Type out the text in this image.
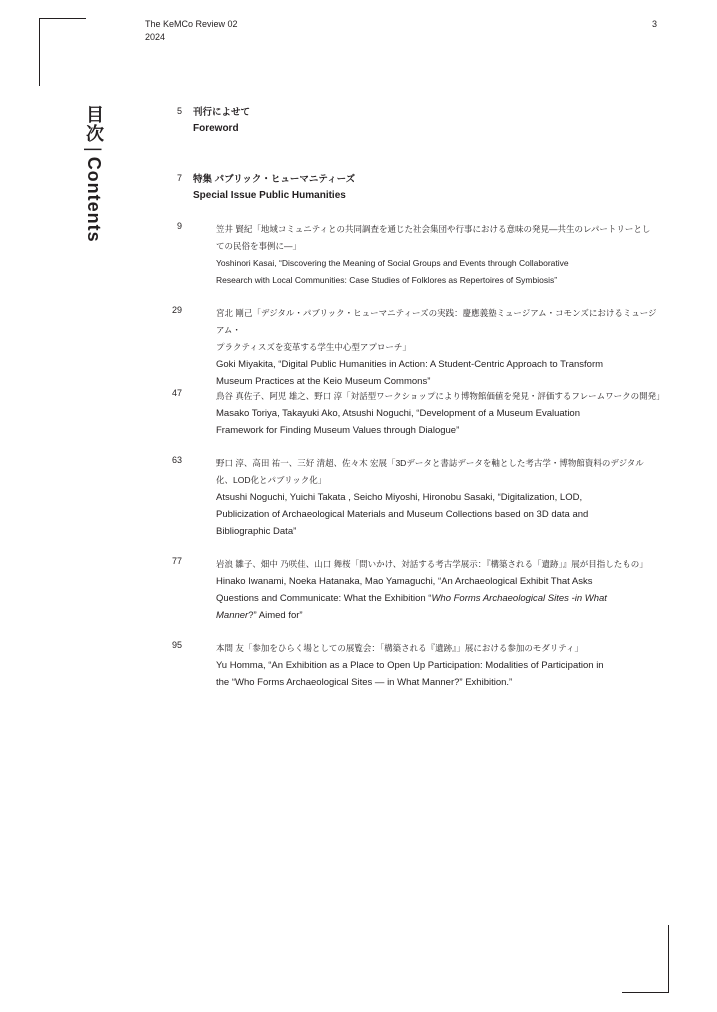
The KeMCo Review 02
2024
3
目次|Contents
5 刊行によせて
Foreword
7 特集 パブリック・ヒューマニティーズ
Special Issue Public Humanities
9	笠井 賢紀「地域コミュニティとの共同調査を通じた社会集団や行事における意味の発見—共生のレパートリーとし
ての民俗を事例に—」
Yoshinori Kasai, “Discovering the Meaning of Social Groups and Events through Collaborative
Research with Local Communities: Case Studies of Folklores as Repertoires of Symbiosis”
29	宮北 剛己「デジタル・パブリック・ヒューマニティーズの実践：慶應義塾ミュージアム・コモンズにおけるミュージアム・
プラクティスズを変革する学生中心型アプローチ」
Goki Miyakita, “Digital Public Humanities in Action: A Student-Centric Approach to Transform
Museum Practices at the Keio Museum Commons”
47	鳥谷 真佐子、阿児 雄之、野口 淳「対話型ワークショップにより博物館価値を発見・評価するフレームワークの開発」
Masako Toriya, Takayuki Ako, Atsushi Noguchi, “Development of a Museum Evaluation
Framework for Finding Museum Values through Dialogue”
63	野口 淳、高田 祐一、三好 清超、佐々木 宏展「3Dデータと書誌データを軸とした考古学・博物館資料のデジタル
化、LOD化とパブリック化」
Atsushi Noguchi, Yuichi Takata , Seicho Miyoshi, Hironobu Sasaki, “Digitalization, LOD,
Publicization of Archaeological Materials and Museum Collections based on 3D data and
Bibliographic Data”
77	岩浪 雛子、畑中 乃咲佳、山口 舞桜「問いかけ、対話する考古学展示：『構築される「遺跡」』展が目指したもの」
Hinako Iwanami, Noeka Hatanaka, Mao Yamaguchi, “An Archaeological Exhibit That Asks
Questions and Communicate: What the Exhibition “Who Forms Archaeological Sites -in What
Manner?” Aimed for”
95	本間 友「参加をひらく場としての展覧会：「構築される『遺跡』」展における参加のモダリティ」
Yu Homma, “An Exhibition as a Place to Open Up Participation: Modalities of Participation in
the “Who Forms Archaeological Sites — in What Manner?” Exhibition.”
